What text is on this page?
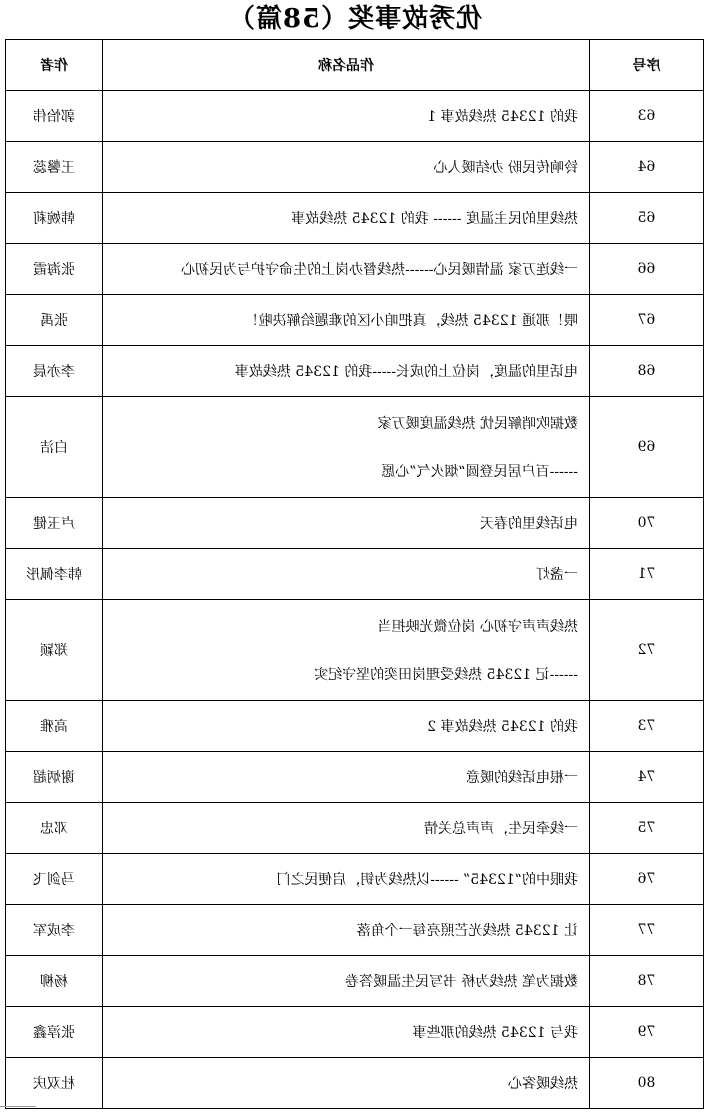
优秀故事奖（58篇）
序号	作品名称	作者
63	我的 12345 热线故事 1	郭怡伟
64	铃响传民盼 办结暖人心	王馨蕊
65	热线里的民主温度 ------ 我的 12345 热线故事	韩婉莉
66	一线连万家 温情暖民心------热线督办岗上的生命守护与为民初心	张海霞
67	喂！那通 12345 热线，真把咱小区的难题给解决啦！	张禹
68	电话里的温度，岗位上的成长-----我的 12345 热线故事	李亦晨
69	数据吹哨解民忧 热线温度暖万家
------百户居民登圆“烟火气”心愿	白洁
70	电话线里的春天	卢玉健
71	一盏灯	韩李佩彤
72	热线声声守初心 岗位微光映担当
------记 12345 热线受理岗田奕的坚守纪实	郑颖
73	我的 12345 热线故事 2	高雅
74	一根电话线的暖意	谢炳超
75	一线牵民生，声声总关情	邓忠
76	我眼中的“12345” ------以热线为钥，启便民之门	马剑飞
77	让 12345 热线光芒照亮每一个角落	李成军
78	数据为笔 热线为桥 书写民生温暖答卷	杨柳
79	我与 12345 热线的那些事	张淳鑫
80	热线暖客心	杜双庆
